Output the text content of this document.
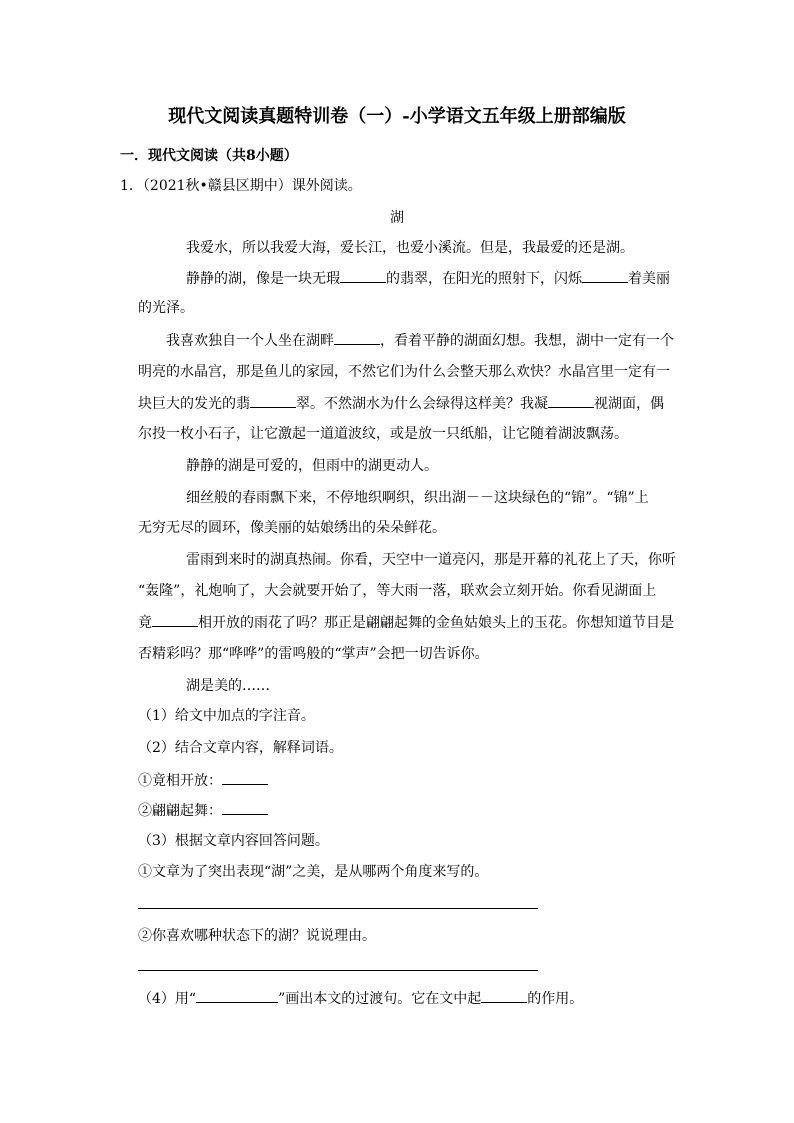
现代文阅读真题特训卷（一）-小学语文五年级上册部编版
一．现代文阅读（共8小题）
1．（2021秋•赣县区期中）课外阅读。
湖
我爱水，所以我爱大海，爱长江，也爱小溪流。但是，我最爱的还是湖。
静静的湖，像是一块无瑕	的翡翠，在阳光的照射下，闪烁	着美丽
的光泽。
我喜欢独自一个人坐在湖畔	，看着平静的湖面幻想。我想，湖中一定有一个
明亮的水晶宫，那是鱼儿的家园，不然它们为什么会整天那么欢快？水晶宫里一定有一
块巨大的发光的翡	翠。不然湖水为什么会绿得这样美？我凝	视湖面，偶
尔投一枚小石子，让它激起一道道波纹，或是放一只纸船，让它随着湖波飘荡。
静静的湖是可爱的，但雨中的湖更动人。
细丝般的春雨飘下来，不停地织啊织，织出湖－－这块绿色的“锦”。“锦”上
无穷无尽的圆环，像美丽的姑娘绣出的朵朵鲜花。
雷雨到来时的湖真热闹。你看，天空中一道亮闪，那是开幕的礼花上了天，你听
“轰隆”，礼炮响了，大会就要开始了，等大雨一落，联欢会立刻开始。你看见湖面上
竟	相开放的雨花了吗？那正是翩翩起舞的金鱼姑娘头上的玉花。你想知道节目是
否精彩吗？那“哗哗”的雷鸣般的“掌声”会把一切告诉你。
湖是美的……
（1）给文中加点的字注音。
（2）结合文章内容，解释词语。
①竟相开放：
②翩翩起舞：
（3）根据文章内容回答问题。
①文章为了突出表现“湖”之美，是从哪两个角度来写的。
②你喜欢哪种状态下的湖？说说理由。
（4）用“	”画出本文的过渡句。它在文中起	的作用。
